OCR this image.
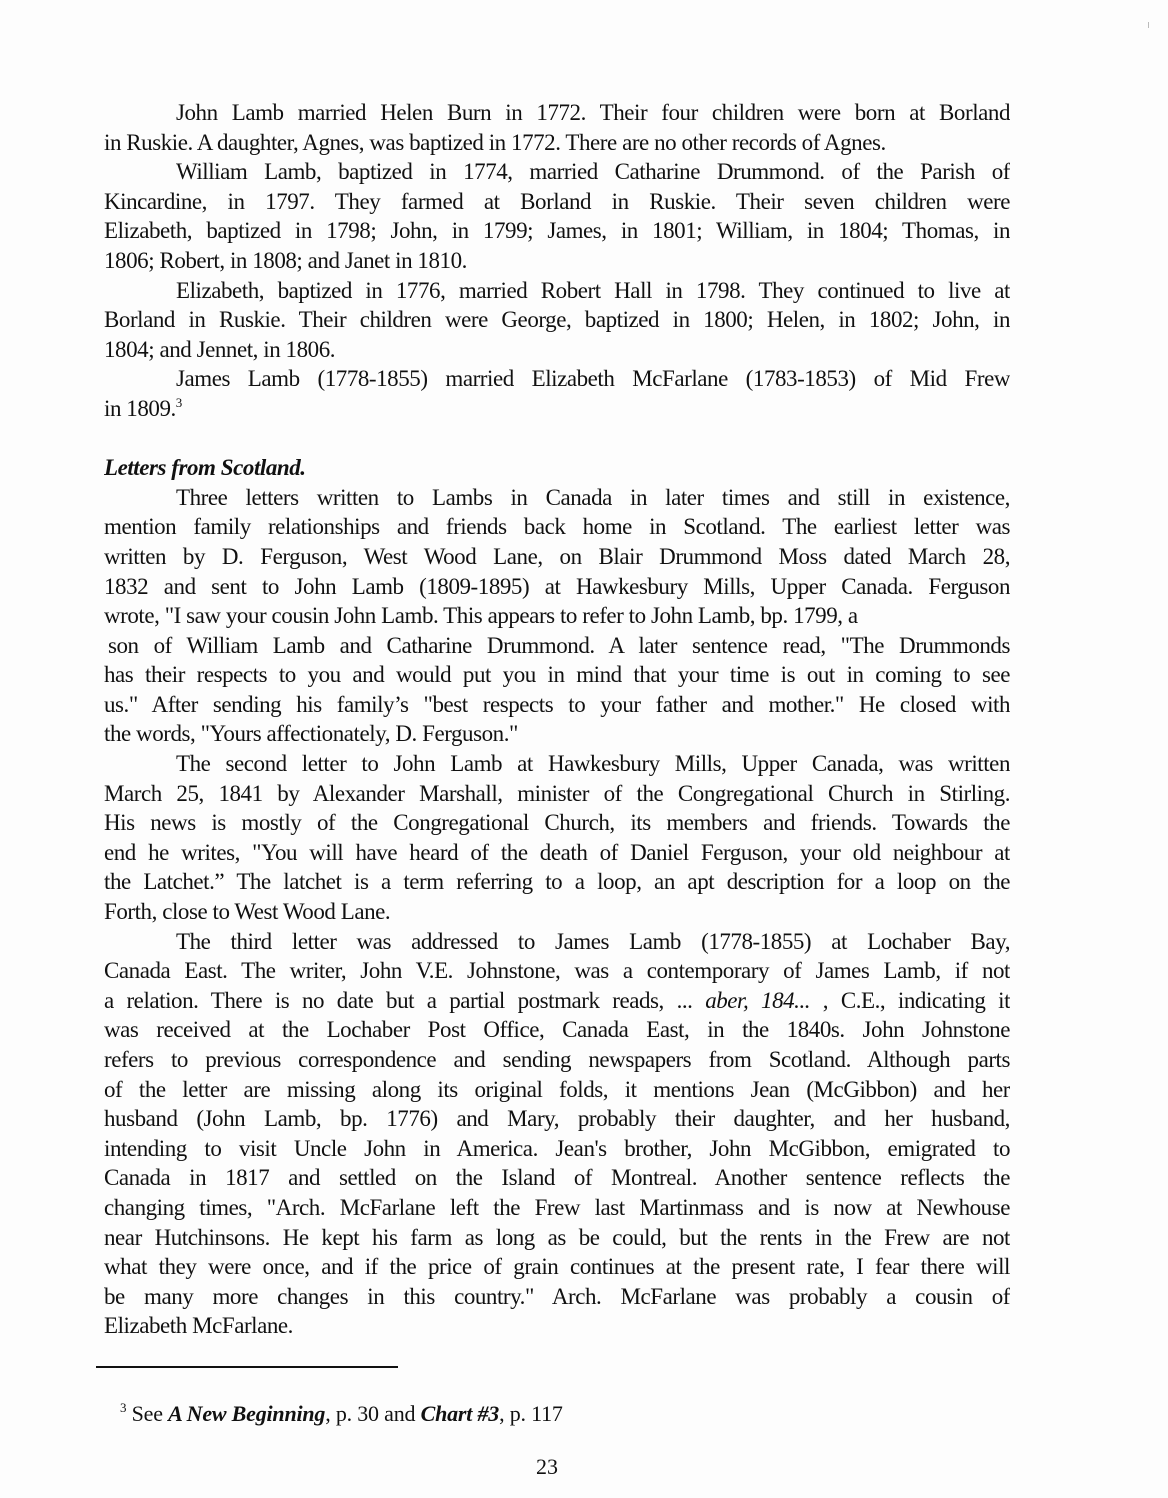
John Lamb married Helen Burn in 1772. Their four children were born at Borland
in Ruskie. A daughter, Agnes, was baptized in 1772. There are no other records of Agnes.
William Lamb, baptized in 1774, married Catharine Drummond. of the Parish of
Kincardine, in 1797. They farmed at Borland in Ruskie. Their seven children were
Elizabeth, baptized in 1798; John, in 1799; James, in 1801; William, in 1804; Thomas, in
1806; Robert, in 1808; and Janet in 1810.
Elizabeth, baptized in 1776, married Robert Hall in 1798. They continued to live at
Borland in Ruskie. Their children were George, baptized in 1800; Helen, in 1802; John, in
1804; and Jennet, in 1806.
James Lamb (1778-1855) married Elizabeth McFarlane (1783-1853) of Mid Frew
in 1809.$^3$
Letters from Scotland.
Three letters written to Lambs in Canada in later times and still in existence,
mention family relationships and friends back home in Scotland. The earliest letter was
written by D. Ferguson, West Wood Lane, on Blair Drummond Moss dated March 28,
1832 and sent to John Lamb (1809-1895) at Hawkesbury Mills, Upper Canada. Ferguson
wrote, "I saw your cousin John Lamb. This appears to refer to John Lamb, bp. 1799, a
son of William Lamb and Catharine Drummond. A later sentence read, "The Drummonds
has their respects to you and would put you in mind that your time is out in coming to see
us." After sending his family’s "best respects to your father and mother." He closed with
the words, "Yours affectionately, D. Ferguson."
The second letter to John Lamb at Hawkesbury Mills, Upper Canada, was written
March 25, 1841 by Alexander Marshall, minister of the Congregational Church in Stirling.
His news is mostly of the Congregational Church, its members and friends. Towards the
end he writes, "You will have heard of the death of Daniel Ferguson, your old neighbour at
the Latchet.” The latchet is a term referring to a loop, an apt description for a loop on the
Forth, close to West Wood Lane.
The third letter was addressed to James Lamb (1778-1855) at Lochaber Bay,
Canada East. The writer, John V.E. Johnstone, was a contemporary of James Lamb, if not
a relation. There is no date but a partial postmark reads, ... aber, 184... , C.E., indicating it
was received at the Lochaber Post Office, Canada East, in the 1840s. John Johnstone
refers to previous correspondence and sending newspapers from Scotland. Although parts
of the letter are missing along its original folds, it mentions Jean (McGibbon) and her
husband (John Lamb, bp. 1776) and Mary, probably their daughter, and her husband,
intending to visit Uncle John in America. Jean's brother, John McGibbon, emigrated to
Canada in 1817 and settled on the Island of Montreal. Another sentence reflects the
changing times, "Arch. McFarlane left the Frew last Martinmass and is now at Newhouse
near Hutchinsons. He kept his farm as long as be could, but the rents in the Frew are not
what they were once, and if the price of grain continues at the present rate, I fear there will
be many more changes in this country." Arch. McFarlane was probably a cousin of
Elizabeth McFarlane.
$^3$ See A New Beginning, p. 30 and Chart #3, p. 117
23
